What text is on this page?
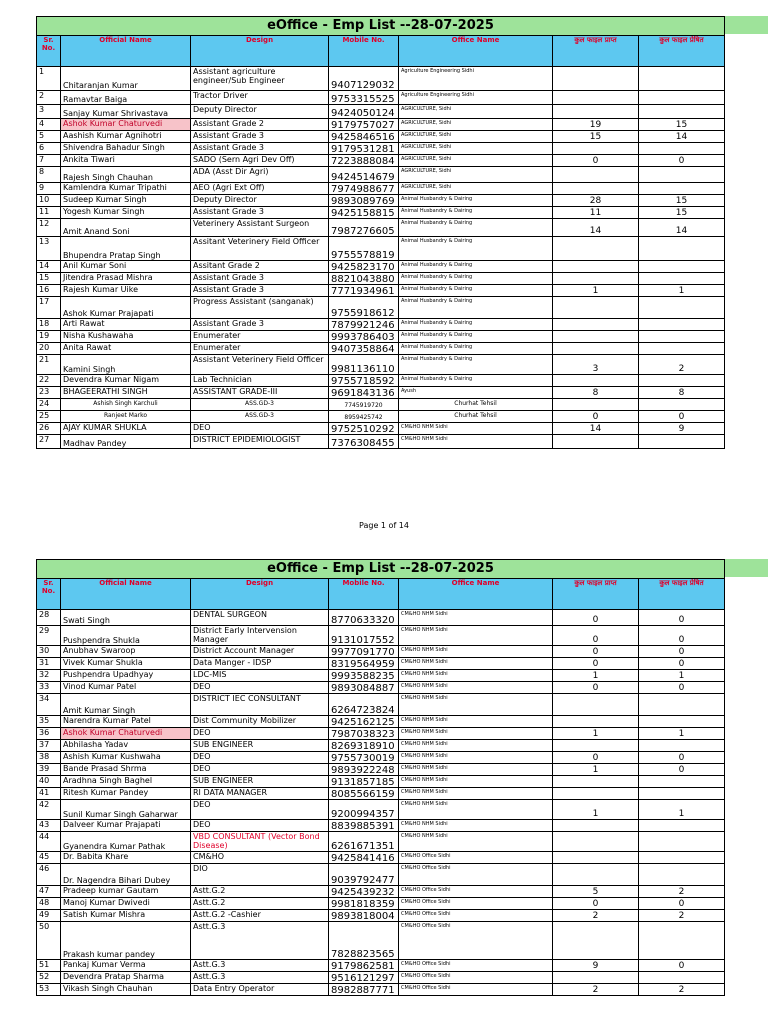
eOffice - Emp List --28-07-2025						
Sr. No.	Official Name	Design	Mobile No.	Office Name	कुल फाइल प्राप्त	कुल फाइल प्रेषित
1	Chitaranjan Kumar	Assistant agriculture engineer/Sub Engineer	9407129032	Agriculture Engineering Sidhi		
2	Ramavtar Baiga	Tractor Driver	9753315525	Agriculture Engineering Sidhi		
3	Sanjay Kumar Shrivastava	Deputy Director	9424050124	AGRICULTURE, Sidhi		
4	Ashok Kumar Chaturvedi	Assistant Grade 2	9179757027	AGRICULTURE, Sidhi	19	15
5	Aashish Kumar Agnihotri	Assistant Grade 3	9425846516	AGRICULTURE, Sidhi	15	14
6	Shivendra Bahadur Singh	Assistant Grade 3	9179531281	AGRICULTURE, Sidhi		
7	Ankita Tiwari	SADO (Sern Agri Dev Off)	7223888084	AGRICULTURE, Sidhi	0	0
8	Rajesh Singh Chauhan	ADA (Asst Dir Agri)	9424514679	AGRICULTURE, Sidhi		
9	Kamlendra Kumar Tripathi	AEO (Agri Ext Off)	7974988677	AGRICULTURE, Sidhi		
10	Sudeep Kumar Singh	Deputy Director	9893089769	Animal Husbandry & Dairing	28	15
11	Yogesh Kumar Singh	Assistant Grade 3	9425158815	Animal Husbandry & Dairing	11	15
12	Amit Anand Soni	Veterinery Assistant Surgeon	7987276605	Animal Husbandry & Dairing	14	14
13	Bhupendra Pratap Singh	Assitant Veterinery Field Officer	9755578819	Animal Husbandry & Dairing		
14	Anil Kumar Soni	Assitant Grade 2	9425823170	Animal Husbandry & Dairing		
15	Jitendra Prasad Mishra	Assistant Grade 3	8821043880	Animal Husbandry & Dairing		
16	Rajesh Kumar Uike	Assistant Grade 3	7771934961	Animal Husbandry & Dairing	1	1
17	Ashok Kumar Prajapati	Progress Assistant (sanganak)	9755918612	Animal Husbandry & Dairing		
18	Arti Rawat	Assistant Grade 3	7879921246	Animal Husbandry & Dairing		
19	Nisha Kushawaha	Enumerater	9993786403	Animal Husbandry & Dairing		
20	Anita Rawat	Enumerater	9407358864	Animal Husbandry & Dairing		
21	Kamini Singh	Assistant Veterinery Field Officer	9981136110	Animal Husbandry & Dairing	3	2
22	Devendra Kumar Nigam	Lab Technician	9755718592	Animal Husbandry & Dairing		
23	BHAGEERATHI SINGH	ASSISTANT GRADE-III	9691843136	Ayush	8	8
24	Ashish Singh Karchuli	ASS.GD-3	7745919720	Churhat Tehsil		
25	Ranjeet Marko	ASS.GD-3	8959425742	Churhat Tehsil	0	0
26	AJAY KUMAR SHUKLA	DEO	9752510292	CM&HO NHM Sidhi	14	9
27	Madhav Pandey	DISTRICT EPIDEMIOLOGIST	7376308455	CM&HO NHM Sidhi		
Page 1 of 14
eOffice - Emp List --28-07-2025						
Sr. No.	Official Name	Design	Mobile No.	Office Name	कुल फाइल प्राप्त	कुल फाइल प्रेषित
28	Swati Singh	DENTAL SURGEON	8770633320	CM&HO NHM Sidhi	0	0
29	Pushpendra Shukla	District Early Intervension Manager	9131017552	CM&HO NHM Sidhi	0	0
30	Anubhav Swaroop	District Account Manager	9977091770	CM&HO NHM Sidhi	0	0
31	Vivek Kumar Shukla	Data Manger - IDSP	8319564959	CM&HO NHM Sidhi	0	0
32	Pushpendra Upadhyay	LDC-MIS	9993588235	CM&HO NHM Sidhi	1	1
33	Vinod Kumar Patel	DEO	9893084887	CM&HO NHM Sidhi	0	0
34	Amit Kumar Singh	DISTRICT IEC CONSULTANT	6264723824	CM&HO NHM Sidhi		
35	Narendra Kumar Patel	Dist Community Mobilizer	9425162125	CM&HO NHM Sidhi		
36	Ashok Kumar Chaturvedi	DEO	7987038323	CM&HO NHM Sidhi	1	1
37	Abhilasha Yadav	SUB ENGINEER	8269318910	CM&HO NHM Sidhi		
38	Ashish Kumar Kushwaha	DEO	9755730019	CM&HO NHM Sidhi	0	0
39	Bande Prasad Shrma	DEO	9893922248	CM&HO NHM Sidhi	1	0
40	Aradhna Singh Baghel	SUB ENGINEER	9131857185	CM&HO NHM Sidhi		
41	Ritesh Kumar Pandey	RI DATA MANAGER	8085566159	CM&HO NHM Sidhi		
42	Sunil Kumar Singh Gaharwar	DEO	9200994357	CM&HO NHM Sidhi	1	1
43	Dalveer Kumar Prajapati	DEO	8839885391	CM&HO NHM Sidhi		
44	Gyanendra Kumar Pathak	VBD CONSULTANT (Vector Bond Disease)	6261671351	CM&HO NHM Sidhi		
45	Dr. Babita Khare	CM&HO	9425841416	CM&HO Office Sidhi		
46	Dr. Nagendra Bihari Dubey	DIO	9039792477	CM&HO Office Sidhi		
47	Pradeep kumar Gautam	Astt.G.2	9425439232	CM&HO Office Sidhi	5	2
48	Manoj Kumar Dwivedi	Astt.G.2	9981818359	CM&HO Office Sidhi	0	0
49	Satish Kumar Mishra	Astt.G.2 -Cashier	9893818004	CM&HO Office Sidhi	2	2
50	Prakash kumar pandey	Astt.G.3	7828823565	CM&HO Office Sidhi		
51	Pankaj Kumar Verma	Astt.G.3	9179862581	CM&HO Office Sidhi	9	0
52	Devendra Pratap Sharma	Astt.G.3	9516121297	CM&HO Office Sidhi		
53	Vikash Singh Chauhan	Data Entry Operator	8982887771	CM&HO Office Sidhi	2	2
